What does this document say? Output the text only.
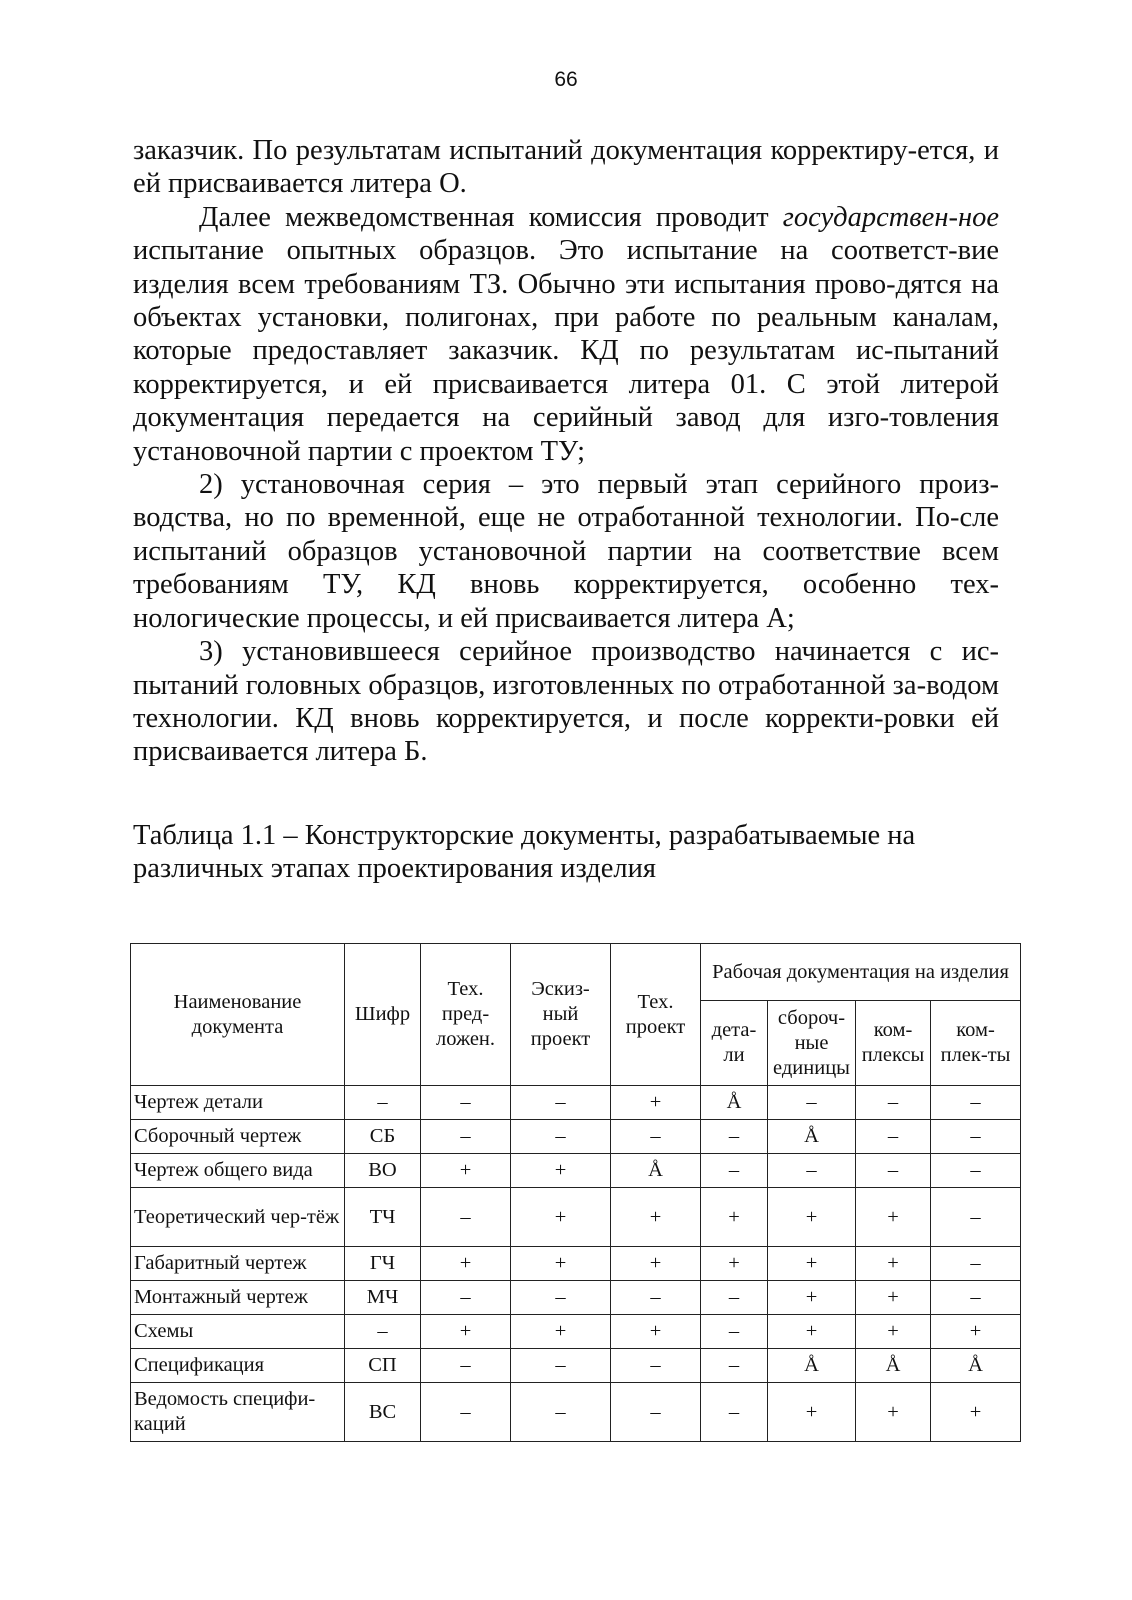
66

заказчик. По результатам испытаний документация корректиру-ется, и ей присваивается литера О.

Далее межведомственная комиссия проводит государствен-ное испытание опытных образцов. Это испытание на соответст-вие изделия всем требованиям ТЗ. Обычно эти испытания прово-дятся на объектах установки, полигонах, при работе по реальным каналам, которые предоставляет заказчик. КД по результатам ис-пытаний корректируется, и ей присваивается литера 01. С этой литерой документация передается на серийный завод для изго-товления установочной партии с проектом ТУ;

2) установочная серия – это первый этап серийного произ-водства, но по временной, еще не отработанной технологии. По-сле испытаний образцов установочной партии на соответствие всем требованиям ТУ, КД вновь корректируется, особенно тех-нологические процессы, и ей присваивается литера А;

3) установившееся серийное производство начинается с ис-пытаний головных образцов, изготовленных по отработанной за-водом технологии. КД вновь корректируется, и после корректи-ровки ей присваивается литера Б.

Таблица 1.1 – Конструкторские документы, разрабатываемые на различных этапах проектирования изделия
Наименование документа	Шифр	Тех. пред-ложен.	Эскиз-ный проект	Тех. проект	Рабочая документация на изделия			
					дета-ли	сбороч-ные единицы	ком-плексы	ком-плек-ты
Чертеж детали	–	–	–	+	Å	–	–	–
Сборочный чертеж	СБ	–	–	–	–	Å	–	–
Чертеж общего вида	ВО	+	+	Å	–	–	–	–
Теоретический чер-тёж	ТЧ	–	+	+	+	+	+	–
Габаритный чертеж	ГЧ	+	+	+	+	+	+	–
Монтажный чертеж	МЧ	–	–	–	–	+	+	–
Схемы	–	+	+	+	–	+	+	+
Спецификация	СП	–	–	–	–	Å	Å	Å
Ведомость специфи-каций	ВС	–	–	–	–	+	+	+
